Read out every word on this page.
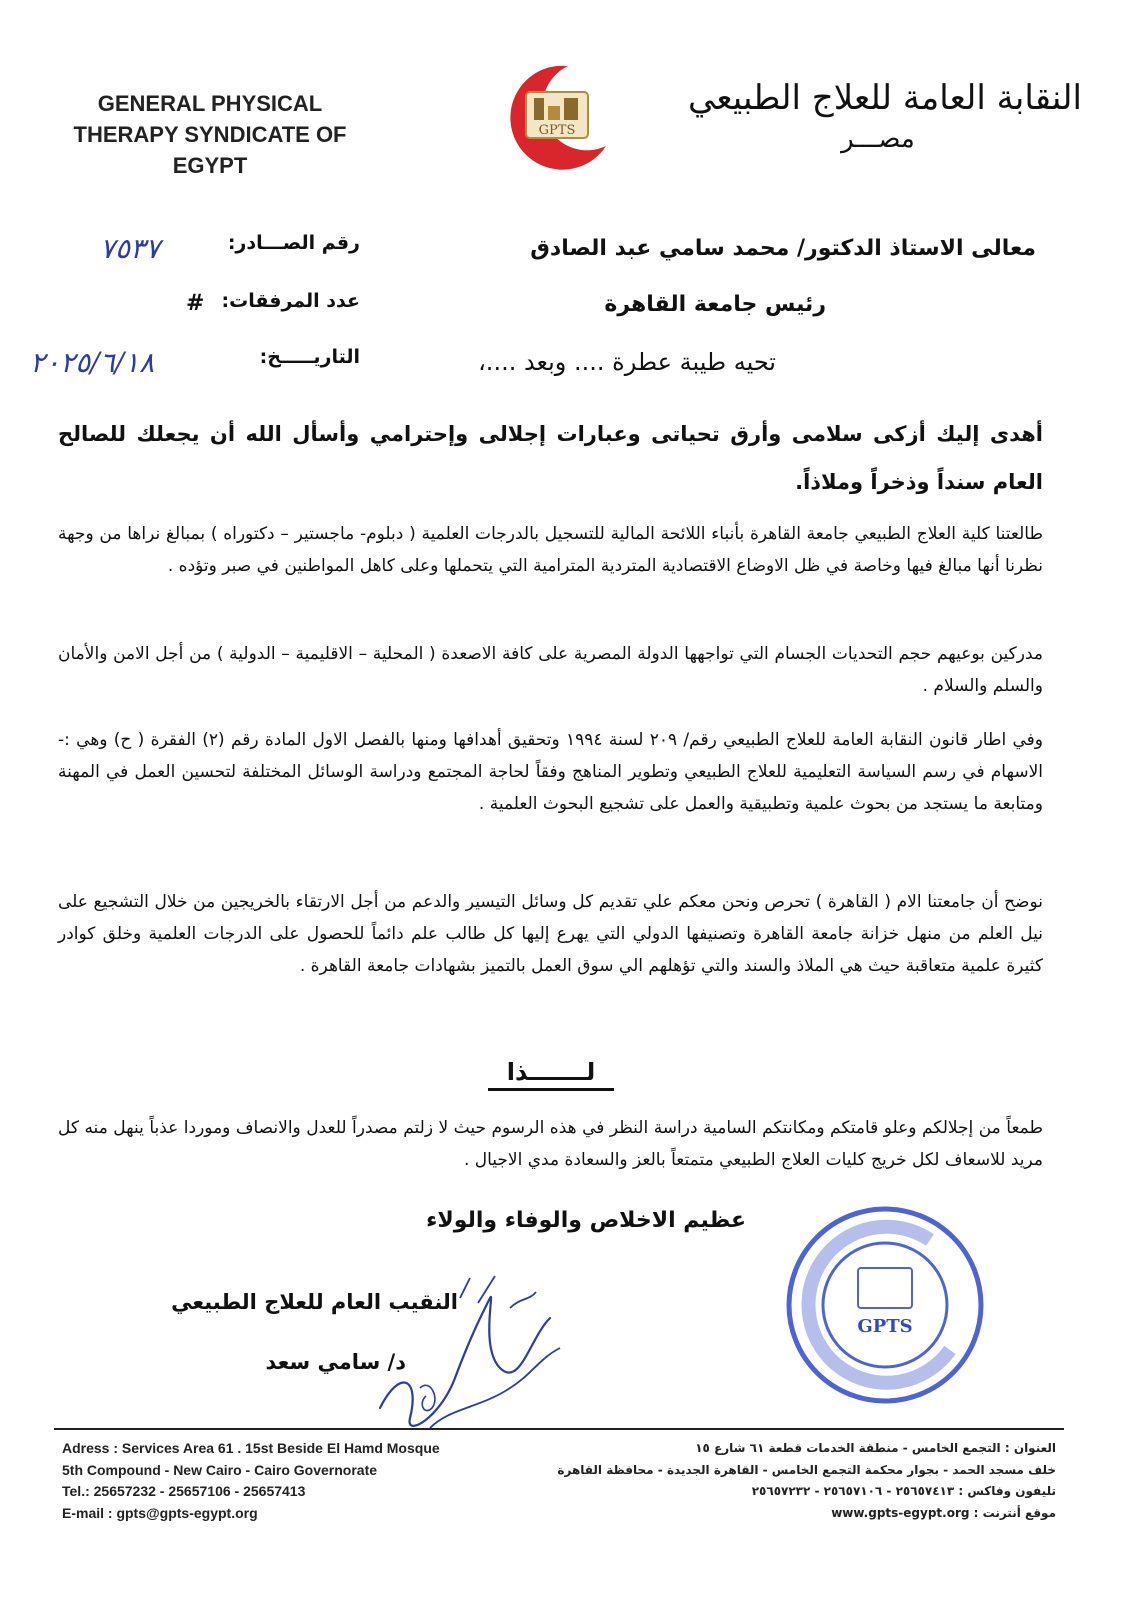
GENERAL PHYSICAL
THERAPY SYNDICATE OF
EGYPT
GPTS
النقابة العامة للعلاج الطبيعي
مصـــر
رقم الصـــادر:
٧٥٣٧
عدد المرفقات:
#
التاريـــــخ:
٢٠٢٥/٦/١٨
معالى الاستاذ الدكتور/ محمد سامي عبد الصادق
رئيس جامعة القاهرة
تحيه طيبة عطرة .... وبعد ....،
أهدى إليك أزكى سلامى وأرق تحياتى وعبارات إجلالى وإحترامي وأسأل الله أن يجعلك للصالح العام سنداً وذخراً وملاذاً.
طالعتنا كلية العلاج الطبيعي جامعة القاهرة بأنباء اللائحة المالية للتسجيل بالدرجات العلمية ( دبلوم- ماجستير – دكتوراه ) بمبالغ نراها من وجهة نظرنا أنها مبالغ فيها وخاصة في ظل الاوضاع الاقتصادية المتردية المترامية التي يتحملها وعلى كاهل المواطنين في صبر وتؤده .
مدركين بوعيهم حجم التحديات الجسام التي تواجهها الدولة المصرية على كافة الاصعدة ( المحلية – الاقليمية – الدولية ) من أجل الامن والأمان والسلم والسلام .
وفي اطار قانون النقابة العامة للعلاج الطبيعي رقم/ ٢٠٩ لسنة ١٩٩٤ وتحقيق أهدافها ومنها بالفصل الاول المادة رقم (٢) الفقرة ( ح) وهي :- الاسهام في رسم السياسة التعليمية للعلاج الطبيعي وتطوير المناهج وفقاً لحاجة المجتمع ودراسة الوسائل المختلفة لتحسين العمل في المهنة ومتابعة ما يستجد من بحوث علمية وتطبيقية والعمل على تشجيع البحوث العلمية .
نوضح أن جامعتنا الام ( القاهرة ) تحرص ونحن معكم علي تقديم كل وسائل التيسير والدعم من أجل الارتقاء بالخريجين من خلال التشجيع على نيل العلم من منهل خزانة جامعة القاهرة وتصنيفها الدولي التي يهرع إليها كل طالب علم دائماً للحصول على الدرجات العلمية وخلق كوادر كثيرة علمية متعاقبة حيث هي الملاذ والسند والتي تؤهلهم الي سوق العمل بالتميز بشهادات جامعة القاهرة .
لـــــــذا
طمعاً من إجلالكم وعلو قامتكم ومكانتكم السامية دراسة النظر في هذه الرسوم حيث لا زلتم مصدراً للعدل والانصاف وموردا عذباً ينهل منه كل مريد للاسعاف لكل خريج كليات العلاج الطبيعي متمتعاً بالعز والسعادة مدي الاجيال .
عظيم الاخلاص والوفاء والولاء
النقيب العام للعلاج الطبيعي
د/ سامي سعد
GPTS
Adress : Services Area 61 . 15st Beside El Hamd Mosque
5th Compound - New Cairo - Cairo Governorate
Tel.: 25657232 - 25657106 - 25657413
E-mail : gpts@gpts-egypt.org
العنوان : التجمع الخامس - منطقة الخدمات قطعة ٦١ شارع ١٥
خلف مسجد الحمد - بجوار محكمة التجمع الخامس - القاهرة الجديدة - محافظة القاهرة
تليفون وفاكس : ٢٥٦٥٧٤١٣ - ٢٥٦٥٧١٠٦ - ٢٥٦٥٧٢٣٢
موقع أنترنت : www.gpts-egypt.org
